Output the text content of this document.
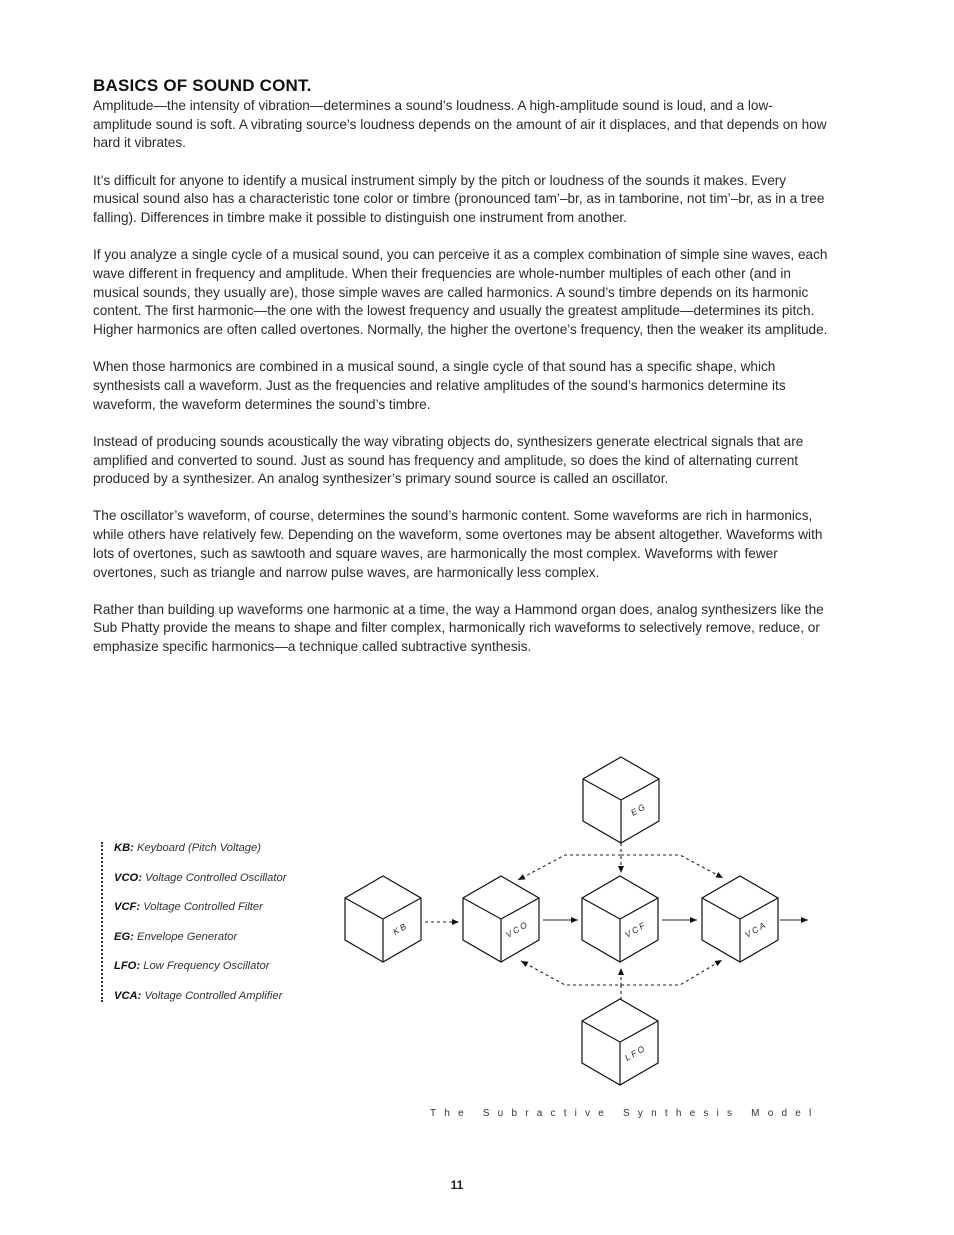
BASICS OF SOUND CONT.

Amplitude—the intensity of vibration—determines a sound’s loudness. A high-amplitude sound is loud, and a low-amplitude sound is soft. A vibrating source’s loudness depends on the amount of air it displaces, and that depends on how hard it vibrates.

It’s difficult for anyone to identify a musical instrument simply by the pitch or loudness of the sounds it makes. Every musical sound also has a characteristic tone color or timbre (pronounced tam’–br, as in tamborine, not tim’–br, as in a tree falling). Differences in timbre make it possible to distinguish one instrument from another.

If you analyze a single cycle of a musical sound, you can perceive it as a complex combination of simple sine waves, each wave different in frequency and amplitude. When their frequencies are whole-number multiples of each other (and in musical sounds, they usually are), those simple waves are called harmonics. A sound’s timbre depends on its harmonic content. The first harmonic—the one with the lowest frequency and usually the greatest amplitude—determines its pitch. Higher harmonics are often called overtones. Normally, the higher the overtone’s frequency, then the weaker its amplitude.

When those harmonics are combined in a musical sound, a single cycle of that sound has a specific shape, which synthesists call a waveform. Just as the frequencies and relative amplitudes of the sound’s harmonics determine its waveform, the waveform determines the sound’s timbre.

Instead of producing sounds acoustically the way vibrating objects do, synthesizers generate electrical signals that are amplified and converted to sound. Just as sound has frequency and amplitude, so does the kind of alternating current produced by a synthesizer. An analog synthesizer’s primary sound source is called an oscillator.

The oscillator’s waveform, of course, determines the sound’s harmonic content. Some waveforms are rich in harmonics, while others have relatively few. Depending on the waveform, some overtones may be absent altogether. Waveforms with lots of overtones, such as sawtooth and square waves, are harmonically the most complex. Waveforms with fewer overtones, such as triangle and narrow pulse waves, are harmonically less complex.

Rather than building up waveforms one harmonic at a time, the way a Hammond organ does, analog synthesizers like the Sub Phatty provide the means to shape and filter complex, harmonically rich waveforms to selectively remove, reduce, or emphasize specific harmonics—a technique called subtractive synthesis.

KB: Keyboard (Pitch Voltage)
VCO: Voltage Controlled Oscillator
VCF: Voltage Controlled Filter
EG: Envelope Generator
LFO: Low Frequency Oscillator
VCA: Voltage Controlled Amplifier
EG
KB	VCO	VCF	VCA
LFO
The Subractive Synthesis Model
11
